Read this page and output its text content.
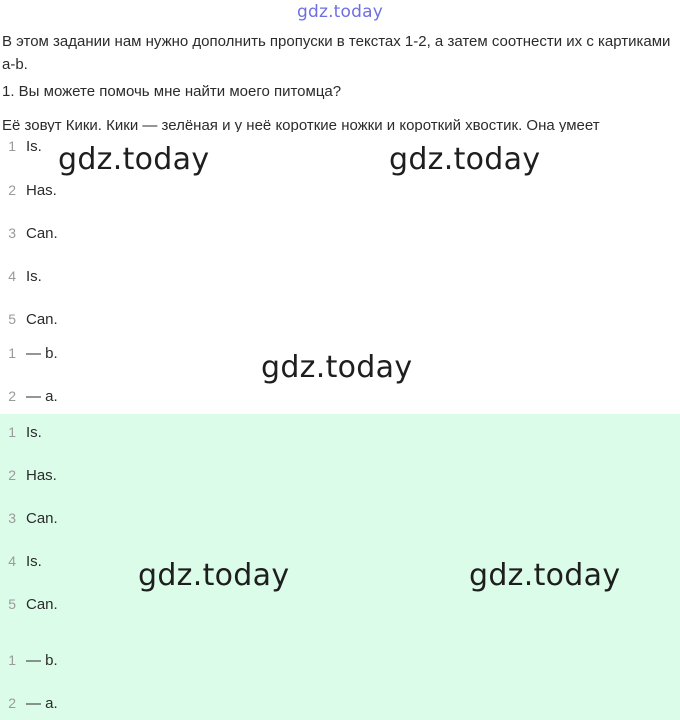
gdz.today
В этом задании нам нужно дополнить пропуски в текстах 1-2, а затем соотнести их с картиками a-b.
1. Вы можете помочь мне найти моего питомца?
Её зовут Кики. Кики — зелёная и у неё короткие ножки и короткий хвостик. Она умеет
1 Is.
2 Has.
3 Can.
4 Is.
5 Can.
1 — b.
2 — a.
1 Is.
2 Has.
3 Can.
4 Is.
5 Can.
1 — b.
2 — a.
gdz.today	gdz.today
gdz.today
gdz.today	gdz.today
